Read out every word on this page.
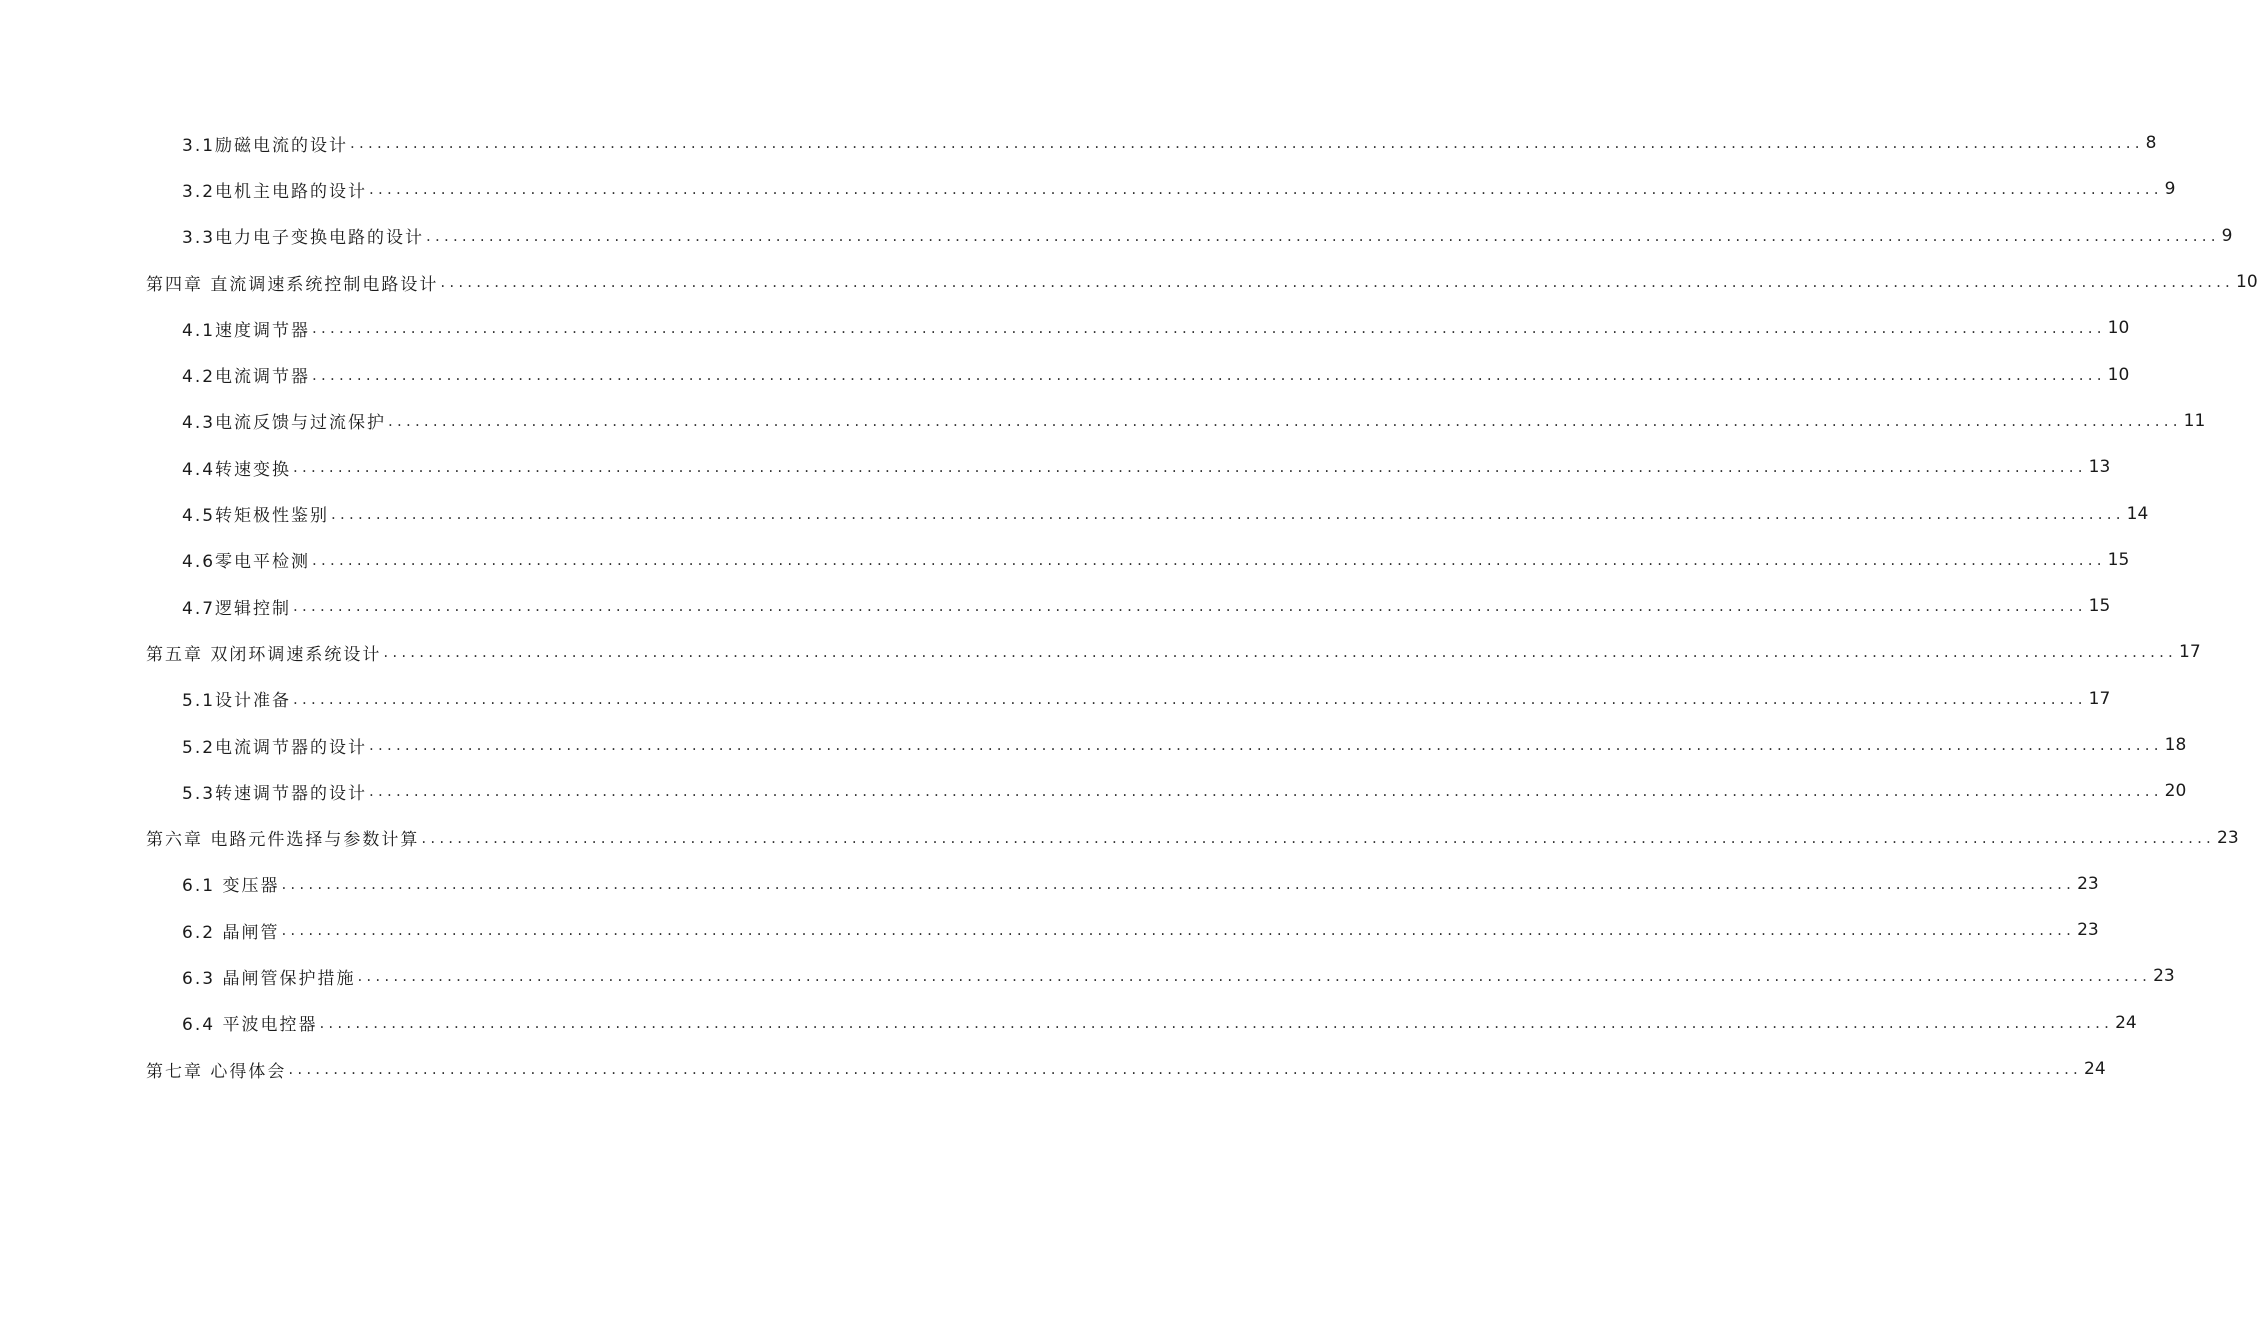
3.1励磁电流的设计 ........................................................................................................................................................................................................ 8
3.2电机主电路的设计 ........................................................................................................................................................................................................ 9
3.3电力电子变换电路的设计 ........................................................................................................................................................................................................ 9
第四章 直流调速系统控制电路设计 ........................................................................................................................................................................................................ 10
4.1速度调节器 ........................................................................................................................................................................................................ 10
4.2电流调节器 ........................................................................................................................................................................................................ 10
4.3电流反馈与过流保护 ........................................................................................................................................................................................................ 11
4.4转速变换 ........................................................................................................................................................................................................ 13
4.5转矩极性鉴别 ........................................................................................................................................................................................................ 14
4.6零电平检测 ........................................................................................................................................................................................................ 15
4.7逻辑控制 ........................................................................................................................................................................................................ 15
第五章 双闭环调速系统设计 ........................................................................................................................................................................................................ 17
5.1设计准备 ........................................................................................................................................................................................................ 17
5.2电流调节器的设计 ........................................................................................................................................................................................................ 18
5.3转速调节器的设计 ........................................................................................................................................................................................................ 20
第六章 电路元件选择与参数计算 ........................................................................................................................................................................................................ 23
6.1 变压器 ........................................................................................................................................................................................................ 23
6.2 晶闸管 ........................................................................................................................................................................................................ 23
6.3 晶闸管保护措施 ........................................................................................................................................................................................................ 23
6.4 平波电控器 ........................................................................................................................................................................................................ 24
第七章 心得体会 ........................................................................................................................................................................................................ 24
